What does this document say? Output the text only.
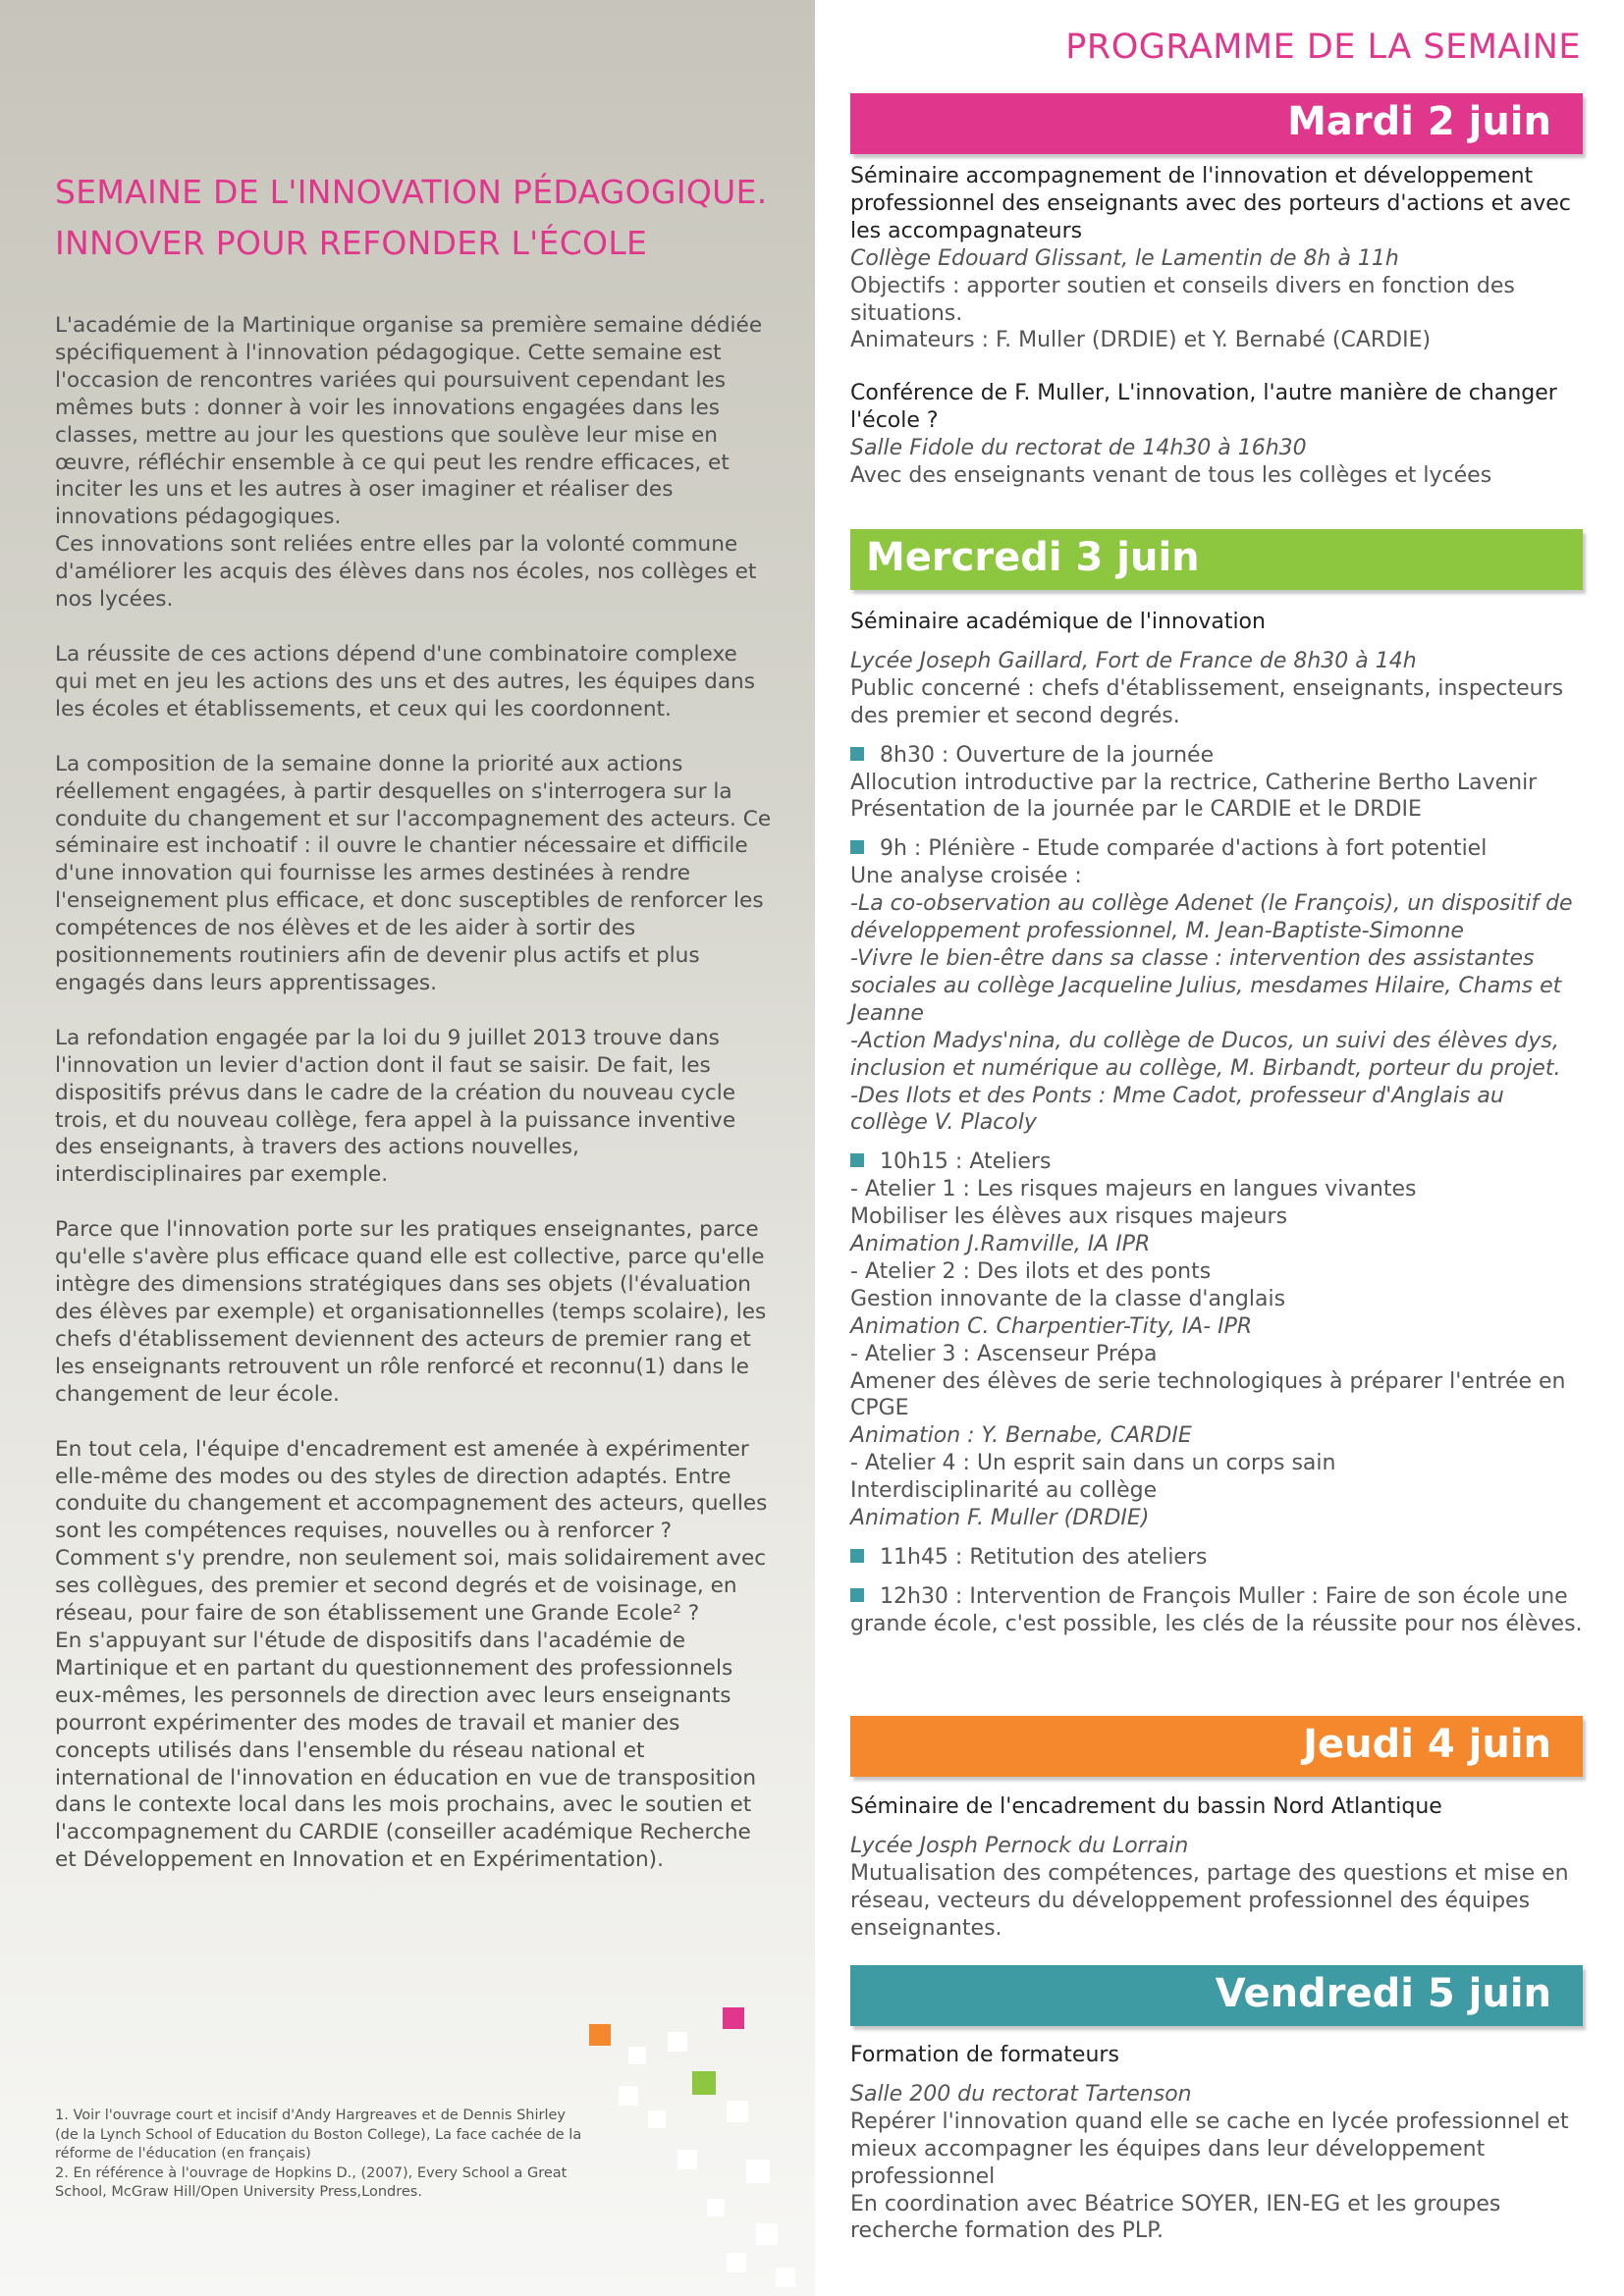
SEMAINE DE L'INNOVATION PÉDAGOGIQUE.
INNOVER POUR REFONDER L'ÉCOLE

L'académie de la Martinique organise sa première semaine dédiée spécifiquement à l'innovation pédagogique. Cette semaine est l'occasion de rencontres variées qui poursuivent cependant les mêmes buts : donner à voir les innovations engagées dans les classes, mettre au jour les questions que soulève leur mise en œuvre, réfléchir ensemble à ce qui peut les rendre efficaces, et inciter les uns et les autres à oser imaginer et réaliser des innovations pédagogiques.

Ces innovations sont reliées entre elles par la volonté commune d'améliorer les acquis des élèves dans nos écoles, nos collèges et nos lycées.

La réussite de ces actions dépend d'une combinatoire complexe qui met en jeu les actions des uns et des autres, les équipes dans les écoles et établissements, et ceux qui les coordonnent.

La composition de la semaine donne la priorité aux actions réellement engagées, à partir desquelles on s'interrogera sur la conduite du changement et sur l'accompagnement des acteurs. Ce séminaire est inchoatif : il ouvre le chantier nécessaire et difficile d'une innovation qui fournisse les armes destinées à rendre l'enseignement plus efficace, et donc susceptibles de renforcer les compétences de nos élèves et de les aider à sortir des positionnements routiniers afin de devenir plus actifs et plus engagés dans leurs apprentissages.

La refondation engagée par la loi du 9 juillet 2013 trouve dans l'innovation un levier d'action dont il faut se saisir. De fait, les dispositifs prévus dans le cadre de la création du nouveau cycle trois, et du nouveau collège, fera appel à la puissance inventive des enseignants, à travers des actions nouvelles, interdisciplinaires par exemple.

Parce que l'innovation porte sur les pratiques enseignantes, parce qu'elle s'avère plus efficace quand elle est collective, parce qu'elle intègre des dimensions stratégiques dans ses objets (l'évaluation des élèves par exemple) et organisationnelles (temps scolaire), les chefs d'établissement deviennent des acteurs de premier rang et les enseignants retrouvent un rôle renforcé et reconnu(1) dans le changement de leur école.

En tout cela, l'équipe d'encadrement est amenée à expérimenter elle-même des modes ou des styles de direction adaptés. Entre conduite du changement et accompagnement des acteurs, quelles sont les compétences requises, nouvelles ou à renforcer ? Comment s'y prendre, non seulement soi, mais solidairement avec ses collègues, des premier et second degrés et de voisinage, en réseau, pour faire de son établissement une Grande Ecole² ?

En s'appuyant sur l'étude de dispositifs dans l'académie de Martinique et en partant du questionnement des professionnels eux-mêmes, les personnels de direction avec leurs enseignants pourront expérimenter des modes de travail et manier des concepts utilisés dans l'ensemble du réseau national et international de l'innovation en éducation en vue de transposition dans le contexte local dans les mois prochains, avec le soutien et l'accompagnement du CARDIE (conseiller académique Recherche et Développement en Innovation et en Expérimentation).

1. Voir l'ouvrage court et incisif d'Andy Hargreaves et de Dennis Shirley (de la Lynch School of Education du Boston College), La face cachée de la réforme de l'éducation (en français)

2. En référence à l'ouvrage de Hopkins D., (2007), Every School a Great School, McGraw Hill/Open University Press,Londres.

PROGRAMME DE LA SEMAINE
Mardi 2 juin

Séminaire accompagnement de l'innovation et développement professionnel des enseignants avec des porteurs d'actions et avec les accompagnateurs

Collège Edouard Glissant, le Lamentin de 8h à 11h

Objectifs : apporter soutien et conseils divers en fonction des situations.

Animateurs : F. Muller (DRDIE) et Y. Bernabé (CARDIE)

Conférence de F. Muller, L'innovation, l'autre manière de changer l'école ?

Salle Fidole du rectorat de 14h30 à 16h30

Avec des enseignants venant de tous les collèges et lycées

Mercredi 3 juin

Séminaire académique de l'innovation

Lycée Joseph Gaillard, Fort de France de 8h30 à 14h

Public concerné : chefs d'établissement, enseignants, inspecteurs des premier et second degrés.

8h30 : Ouverture de la journée

Allocution introductive par la rectrice, Catherine Bertho Lavenir

Présentation de la journée par le CARDIE et le DRDIE

9h : Plénière - Etude comparée d'actions à fort potentiel

Une analyse croisée :

-La co-observation au collège Adenet (le François), un dispositif de développement professionnel, M. Jean-Baptiste-Simonne

-Vivre le bien-être dans sa classe : intervention des assistantes sociales au collège Jacqueline Julius, mesdames Hilaire, Chams et Jeanne

-Action Madys'nina, du collège de Ducos, un suivi des élèves dys, inclusion et numérique au collège, M. Birbandt, porteur du projet.

-Des Ilots et des Ponts : Mme Cadot, professeur d'Anglais au collège V. Placoly

10h15 : Ateliers

- Atelier 1 : Les risques majeurs en langues vivantes

Mobiliser les élèves aux risques majeurs

Animation J.Ramville, IA IPR

- Atelier 2 : Des ilots et des ponts

Gestion innovante de la classe d'anglais

Animation C. Charpentier-Tity, IA- IPR

- Atelier 3 : Ascenseur Prépa

Amener des élèves de serie technologiques à préparer l'entrée en CPGE

Animation : Y. Bernabe, CARDIE

- Atelier 4 : Un esprit sain dans un corps sain

Interdisciplinarité au collège

Animation F. Muller (DRDIE)

11h45 : Retitution des ateliers

12h30 : Intervention de François Muller : Faire de son école une grande école, c'est possible, les clés de la réussite pour nos élèves.

Jeudi 4 juin

Séminaire de l'encadrement du bassin Nord Atlantique

Lycée Josph Pernock du Lorrain

Mutualisation des compétences, partage des questions et mise en réseau, vecteurs du développement professionnel des équipes enseignantes.

Vendredi 5 juin

Formation de formateurs

Salle 200 du rectorat Tartenson

Repérer l'innovation quand elle se cache en lycée professionnel et mieux accompagner les équipes dans leur développement professionnel

En coordination avec Béatrice SOYER, IEN-EG et les groupes recherche formation des PLP.
